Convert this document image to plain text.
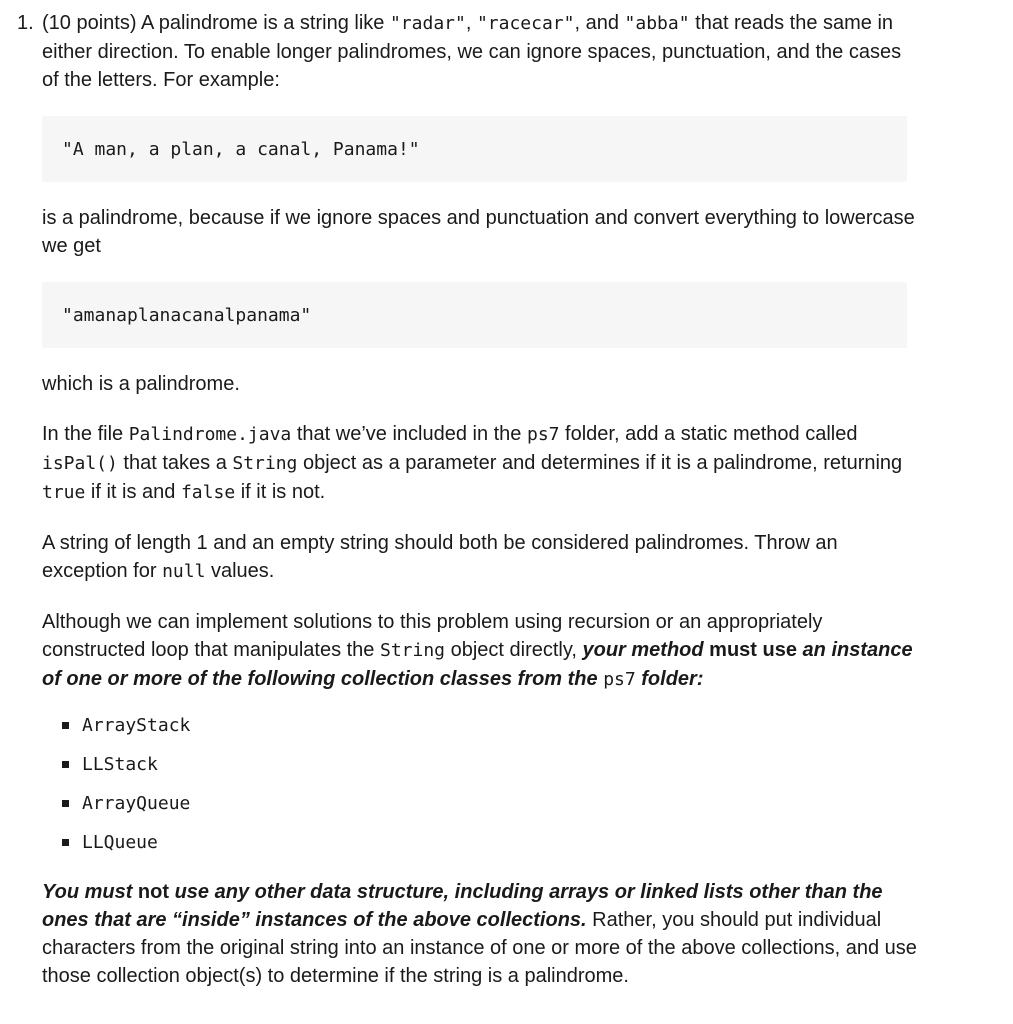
1. (10 points) A palindrome is a string like "radar", "racecar", and "abba" that reads the same in either direction. To enable longer palindromes, we can ignore spaces, punctuation, and the cases of the letters. For example:

"A man, a plan, a canal, Panama!"

is a palindrome, because if we ignore spaces and punctuation and convert everything to lowercase we get

"amanaplanacanalpanama"

which is a palindrome.

In the file Palindrome.java that we’ve included in the ps7 folder, add a static method called isPal() that takes a String object as a parameter and determines if it is a palindrome, returning true if it is and false if it is not.

A string of length 1 and an empty string should both be considered palindromes. Throw an exception for null values.

Although we can implement solutions to this problem using recursion or an appropriately constructed loop that manipulates the String object directly, your method must use an instance of one or more of the following collection classes from the ps7 folder:

ArrayStack
LLStack
ArrayQueue
LLQueue

You must not use any other data structure, including arrays or linked lists other than the ones that are “inside” instances of the above collections. Rather, you should put individual characters from the original string into an instance of one or more of the above collections, and use those collection object(s) to determine if the string is a palindrome.
